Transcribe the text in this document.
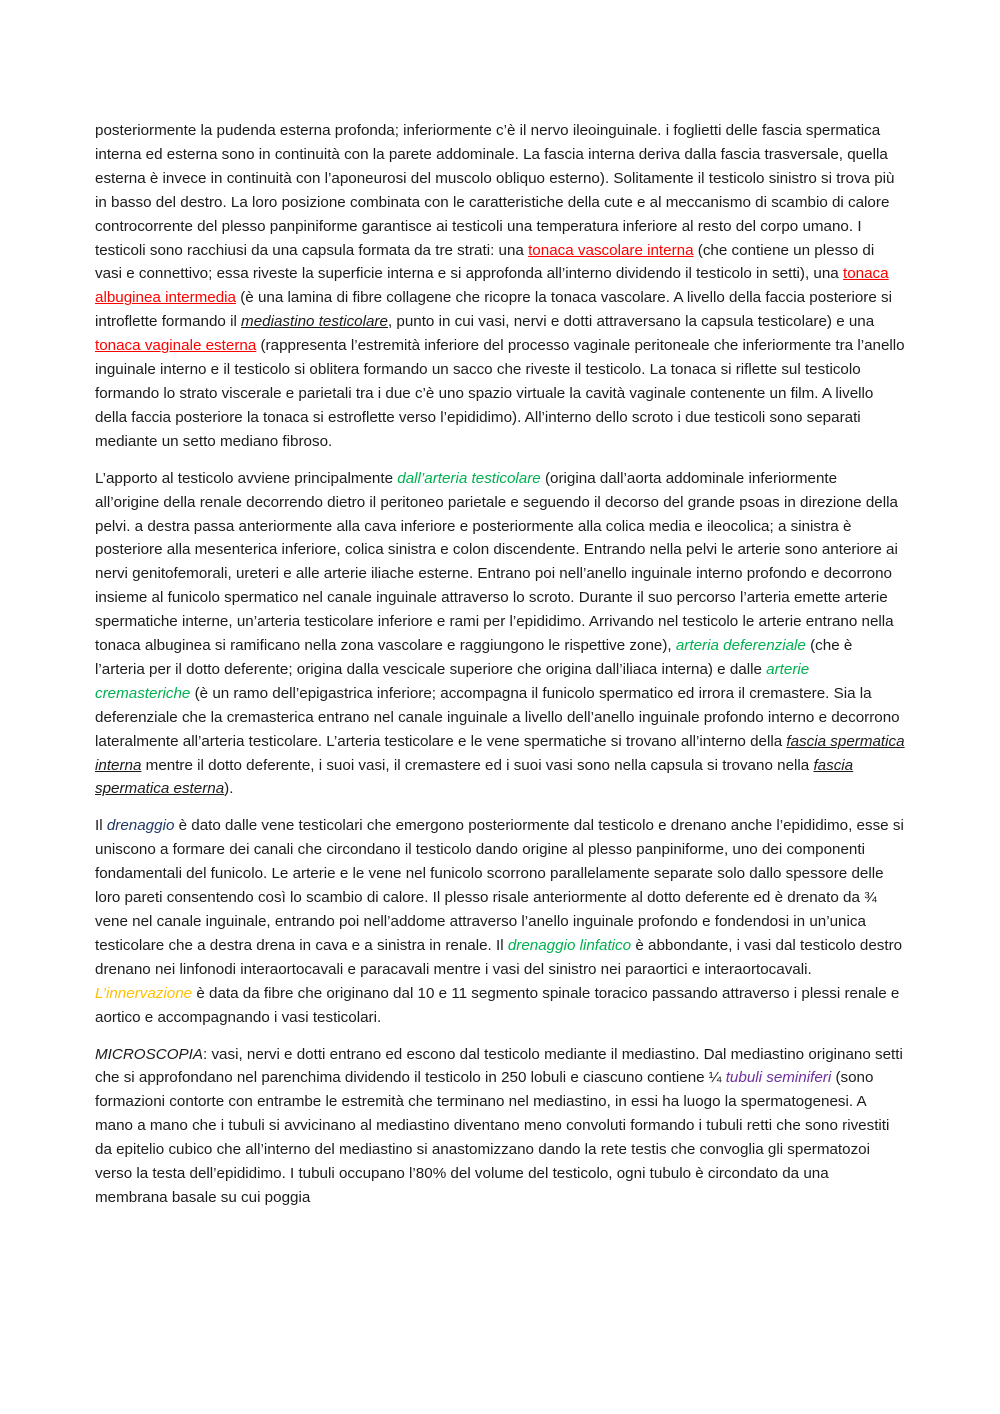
posteriormente la pudenda esterna profonda; inferiormente c’è il nervo ileoinguinale. i foglietti delle fascia spermatica interna ed esterna sono in continuità con la parete addominale. La fascia interna deriva dalla fascia trasversale, quella esterna è invece in continuità con l’aponeurosi del muscolo obliquo esterno). Solitamente il testicolo sinistro si trova più in basso del destro. La loro posizione combinata con le caratteristiche della cute e al meccanismo di scambio di calore controcorrente del plesso panpiniforme garantisce ai testicoli una temperatura inferiore al resto del corpo umano. I testicoli sono racchiusi da una capsula formata da tre strati: una tonaca vascolare interna (che contiene un plesso di vasi e connettivo; essa riveste la superficie interna e si approfonda all’interno dividendo il testicolo in setti), una tonaca albuginea intermedia (è una lamina di fibre collagene che ricopre la tonaca vascolare. A livello della faccia posteriore si introflette formando il mediastino testicolare, punto in cui vasi, nervi e dotti attraversano la capsula testicolare) e una tonaca vaginale esterna (rappresenta l’estremità inferiore del processo vaginale peritoneale che inferiormente tra l’anello inguinale interno e il testicolo si oblitera formando un sacco che riveste il testicolo. La tonaca si riflette sul testicolo formando lo strato viscerale e parietali tra i due c’è uno spazio virtuale la cavità vaginale contenente un film. A livello della faccia posteriore la tonaca si estroflette verso l’epididimo). All’interno dello scroto i due testicoli sono separati mediante un setto mediano fibroso.

L’apporto al testicolo avviene principalmente dall’arteria testicolare (origina dall’aorta addominale inferiormente all’origine della renale decorrendo dietro il peritoneo parietale e seguendo il decorso del grande psoas in direzione della pelvi. a destra passa anteriormente alla cava inferiore e posteriormente alla colica media e ileocolica; a sinistra è posteriore alla mesenterica inferiore, colica sinistra e colon discendente. Entrando nella pelvi le arterie sono anteriore ai nervi genitofemorali, ureteri e alle arterie iliache esterne. Entrano poi nell’anello inguinale interno profondo e decorrono insieme al funicolo spermatico nel canale inguinale attraverso lo scroto. Durante il suo percorso l’arteria emette arterie spermatiche interne, un’arteria testicolare inferiore e rami per l’epididimo. Arrivando nel testicolo le arterie entrano nella tonaca albuginea si ramificano nella zona vascolare e raggiungono le rispettive zone), arteria deferenziale (che è l’arteria per il dotto deferente; origina dalla vescicale superiore che origina dall’iliaca interna) e dalle arterie cremasteriche (è un ramo dell’epigastrica inferiore; accompagna il funicolo spermatico ed irrora il cremastere. Sia la deferenziale che la cremasterica entrano nel canale inguinale a livello dell’anello inguinale profondo interno e decorrono lateralmente all’arteria testicolare. L’arteria testicolare e le vene spermatiche si trovano all’interno della fascia spermatica interna mentre il dotto deferente, i suoi vasi, il cremastere ed i suoi vasi sono nella capsula si trovano nella fascia spermatica esterna).

Il drenaggio è dato dalle vene testicolari che emergono posteriormente dal testicolo e drenano anche l’epididimo, esse si uniscono a formare dei canali che circondano il testicolo dando origine al plesso panpiniforme, uno dei componenti fondamentali del funicolo. Le arterie e le vene nel funicolo scorrono parallelamente separate solo dallo spessore delle loro pareti consentendo così lo scambio di calore. Il plesso risale anteriormente al dotto deferente ed è drenato da ¾ vene nel canale inguinale, entrando poi nell’addome attraverso l’anello inguinale profondo e fondendosi in un’unica testicolare che a destra drena in cava e a sinistra in renale. Il drenaggio linfatico è abbondante, i vasi dal testicolo destro drenano nei linfonodi interaortocavali e paracavali mentre i vasi del sinistro nei paraortici e interaortocavali. L’innervazione è data da fibre che originano dal 10 e 11 segmento spinale toracico passando attraverso i plessi renale e aortico e accompagnando i vasi testicolari.

MICROSCOPIA: vasi, nervi e dotti entrano ed escono dal testicolo mediante il mediastino. Dal mediastino originano setti che si approfondano nel parenchima dividendo il testicolo in 250 lobuli e ciascuno contiene ¼ tubuli seminiferi (sono formazioni contorte con entrambe le estremità che terminano nel mediastino, in essi ha luogo la spermatogenesi. A mano a mano che i tubuli si avvicinano al mediastino diventano meno convoluti formando i tubuli retti che sono rivestiti da epitelio cubico che all’interno del mediastino si anastomizzano dando la rete testis che convoglia gli spermatozoi verso la testa dell’epididimo. I tubuli occupano l’80% del volume del testicolo, ogni tubulo è circondato da una membrana basale su cui poggia
